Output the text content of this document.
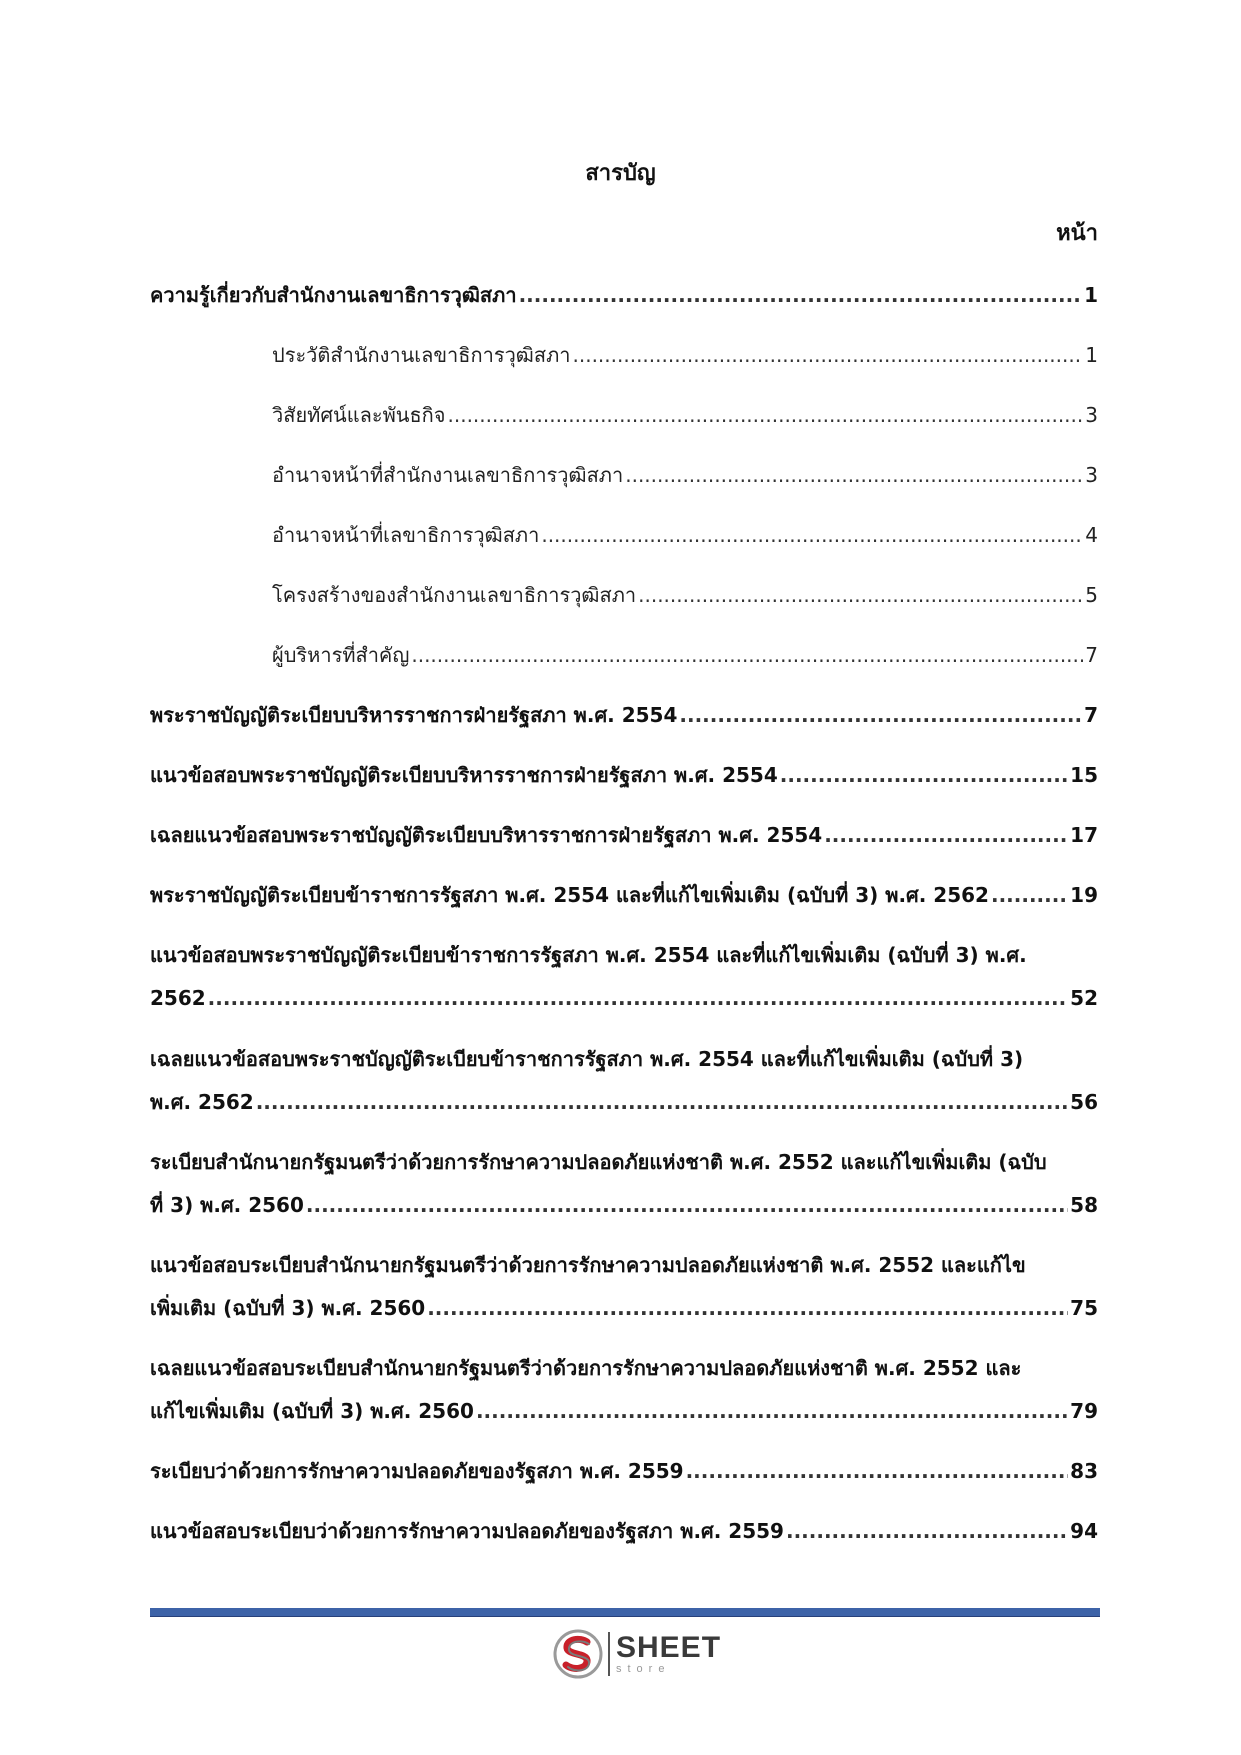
สารบัญ
หน้า
ความรู้เกี่ยวกับสำนักงานเลขาธิการวุฒิสภา .....	1
ประวัติสำนักงานเลขาธิการวุฒิสภา .....	1
วิสัยทัศน์และพันธกิจ .....	3
อำนาจหน้าที่สำนักงานเลขาธิการวุฒิสภา .....	3
อำนาจหน้าที่เลขาธิการวุฒิสภา .....	4
โครงสร้างของสำนักงานเลขาธิการวุฒิสภา .....	5
ผู้บริหารที่สำคัญ .....	7
พระราชบัญญัติระเบียบบริหารราชการฝ่ายรัฐสภา พ.ศ. 2554 .....	7
แนวข้อสอบพระราชบัญญัติระเบียบบริหารราชการฝ่ายรัฐสภา พ.ศ. 2554 .....	15
เฉลยแนวข้อสอบพระราชบัญญัติระเบียบบริหารราชการฝ่ายรัฐสภา พ.ศ. 2554 .....	17
พระราชบัญญัติระเบียบข้าราชการรัฐสภา พ.ศ. 2554 และที่แก้ไขเพิ่มเติม (ฉบับที่ 3) พ.ศ. 2562 .....	19
แนวข้อสอบพระราชบัญญัติระเบียบข้าราชการรัฐสภา พ.ศ. 2554 และที่แก้ไขเพิ่มเติม (ฉบับที่ 3) พ.ศ.
2562 .....	52
เฉลยแนวข้อสอบพระราชบัญญัติระเบียบข้าราชการรัฐสภา พ.ศ. 2554 และที่แก้ไขเพิ่มเติม (ฉบับที่ 3)
พ.ศ. 2562 .....	56
ระเบียบสำนักนายกรัฐมนตรีว่าด้วยการรักษาความปลอดภัยแห่งชาติ พ.ศ. 2552 และแก้ไขเพิ่มเติม (ฉบับ
ที่ 3) พ.ศ. 2560 .....	58
แนวข้อสอบระเบียบสำนักนายกรัฐมนตรีว่าด้วยการรักษาความปลอดภัยแห่งชาติ พ.ศ. 2552 และแก้ไข
เพิ่มเติม (ฉบับที่ 3) พ.ศ. 2560 .....	75
เฉลยแนวข้อสอบระเบียบสำนักนายกรัฐมนตรีว่าด้วยการรักษาความปลอดภัยแห่งชาติ พ.ศ. 2552 และ
แก้ไขเพิ่มเติม (ฉบับที่ 3) พ.ศ. 2560 .....	79
ระเบียบว่าด้วยการรักษาความปลอดภัยของรัฐสภา พ.ศ. 2559 .....	83
แนวข้อสอบระเบียบว่าด้วยการรักษาความปลอดภัยของรัฐสภา พ.ศ. 2559 .....	94
SHEET
store
